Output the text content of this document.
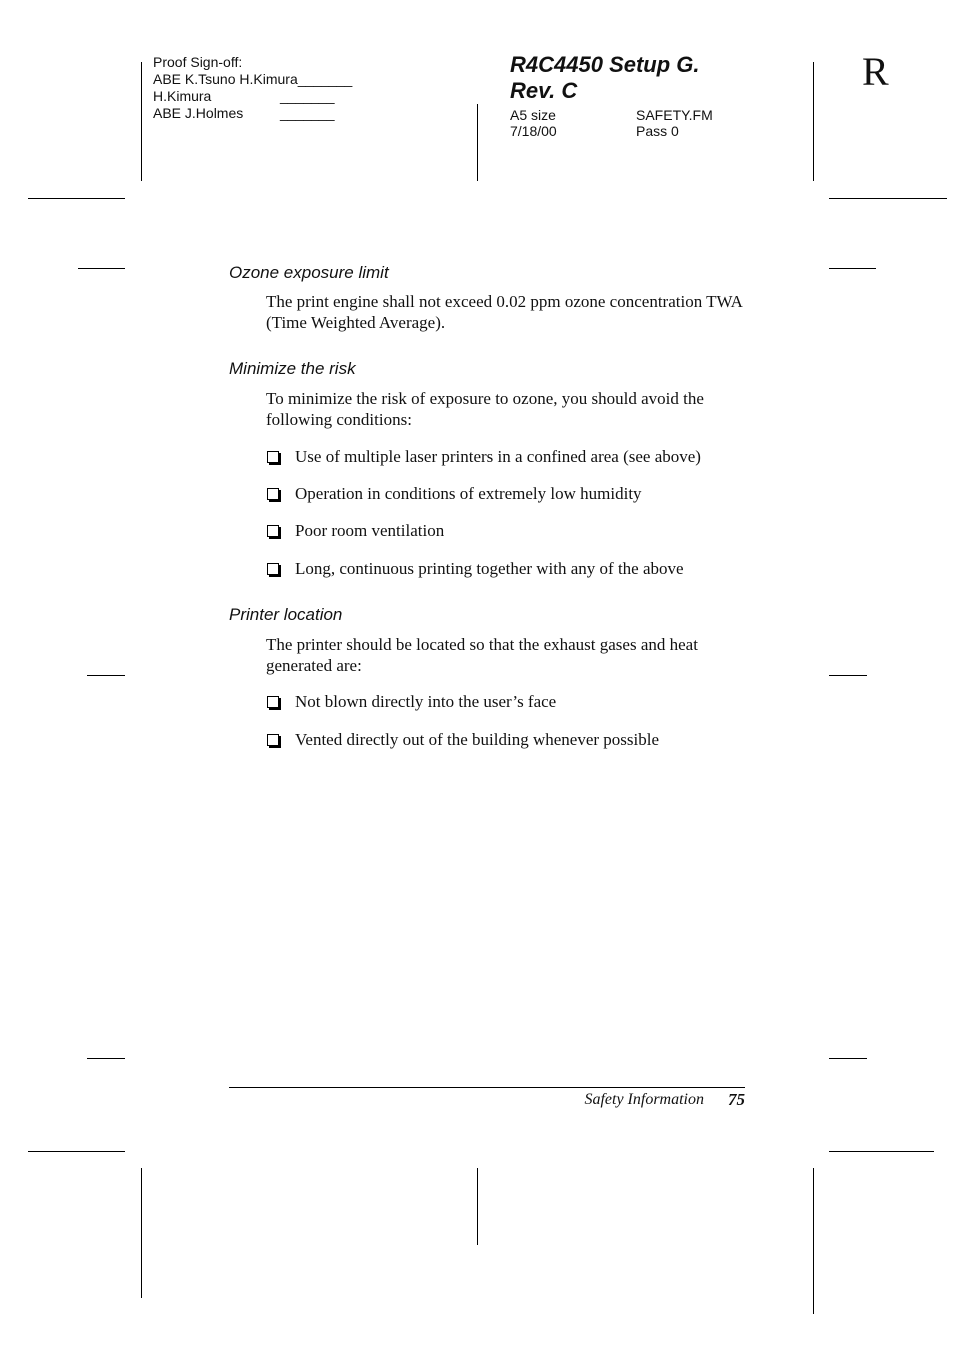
Proof Sign-off:
ABE K.Tsuno H.Kimura_______
H.Kimura	_______
ABE J.Holmes	_______
R4C4450 Setup G.
Rev. C
A5 size	SAFETY.FM
7/18/00	Pass 0
R
Ozone exposure limit
The print engine shall not exceed 0.02 ppm ozone concentration TWA (Time Weighted Average).
Minimize the risk
To minimize the risk of exposure to ozone, you should avoid the following conditions:
Use of multiple laser printers in a confined area (see above)
Operation in conditions of extremely low humidity
Poor room ventilation
Long, continuous printing together with any of the above
Printer location
The printer should be located so that the exhaust gases and heat generated are:
Not blown directly into the user’s face
Vented directly out of the building whenever possible
Safety Information	75
